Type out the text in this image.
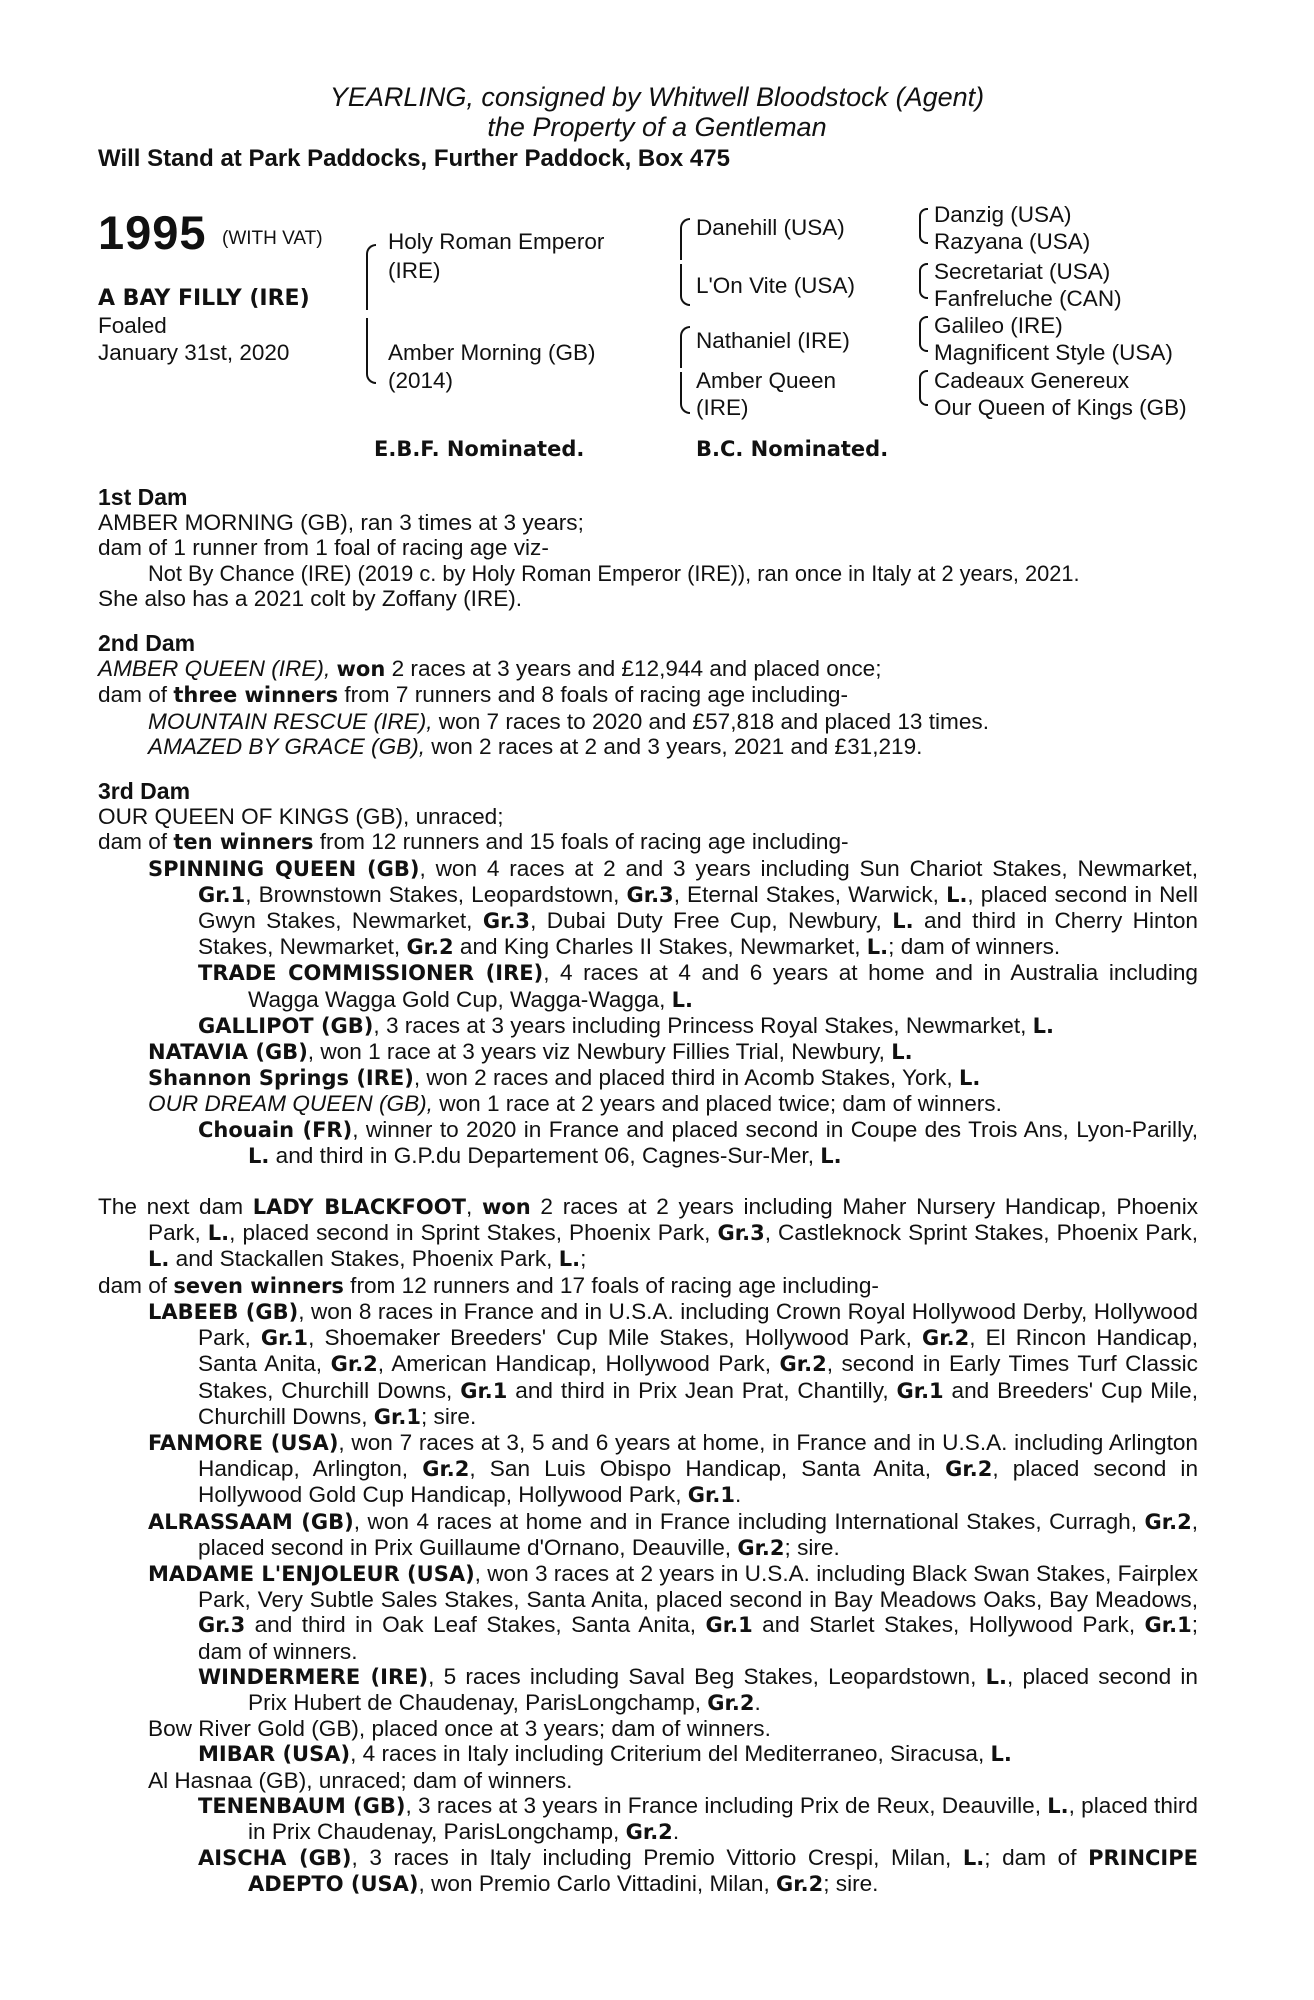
YEARLING, consigned by Whitwell Bloodstock (Agent)
the Property of a Gentleman
Will Stand at Park Paddocks, Further Paddock, Box 475
1995 (WITH VAT)
A BAY FILLY (IRE)
Foaled
January 31st, 2020
Holy Roman Emperor
(IRE)
Amber Morning (GB)
(2014)
Danehill (USA)
L'On Vite (USA)
Nathaniel (IRE)
Amber Queen
(IRE)
Danzig (USA)
Razyana (USA)
Secretariat (USA)
Fanfreluche (CAN)
Galileo (IRE)
Magnificent Style (USA)
Cadeaux Genereux
Our Queen of Kings (GB)
E.B.F. Nominated.	B.C. Nominated.
1st Dam

AMBER MORNING (GB), ran 3 times at 3 years;

dam of 1 runner from 1 foal of racing age viz-

Not By Chance (IRE) (2019 c. by Holy Roman Emperor (IRE)), ran once in Italy at 2 years, 2021.

She also has a 2021 colt by Zoffany (IRE).

2nd Dam

AMBER QUEEN (IRE), won 2 races at 3 years and £12,944 and placed once;

dam of three winners from 7 runners and 8 foals of racing age including-

MOUNTAIN RESCUE (IRE), won 7 races to 2020 and £57,818 and placed 13 times.

AMAZED BY GRACE (GB), won 2 races at 2 and 3 years, 2021 and £31,219.

3rd Dam

OUR QUEEN OF KINGS (GB), unraced;

dam of ten winners from 12 runners and 15 foals of racing age including-

SPINNING QUEEN (GB), won 4 races at 2 and 3 years including Sun Chariot Stakes, Newmarket, Gr.1, Brownstown Stakes, Leopardstown, Gr.3, Eternal Stakes, Warwick, L., placed second in Nell Gwyn Stakes, Newmarket, Gr.3, Dubai Duty Free Cup, Newbury, L. and third in Cherry Hinton Stakes, Newmarket, Gr.2 and King Charles II Stakes, Newmarket, L.; dam of winners.

TRADE COMMISSIONER (IRE), 4 races at 4 and 6 years at home and in Australia including Wagga Wagga Gold Cup, Wagga-Wagga, L.

GALLIPOT (GB), 3 races at 3 years including Princess Royal Stakes, Newmarket, L.

NATAVIA (GB), won 1 race at 3 years viz Newbury Fillies Trial, Newbury, L.

Shannon Springs (IRE), won 2 races and placed third in Acomb Stakes, York, L.

OUR DREAM QUEEN (GB), won 1 race at 2 years and placed twice; dam of winners.

Chouain (FR), winner to 2020 in France and placed second in Coupe des Trois Ans, Lyon-Parilly, L. and third in G.P.du Departement 06, Cagnes-Sur-Mer, L.

The next dam LADY BLACKFOOT, won 2 races at 2 years including Maher Nursery Handicap, Phoenix Park, L., placed second in Sprint Stakes, Phoenix Park, Gr.3, Castleknock Sprint Stakes, Phoenix Park, L. and Stackallen Stakes, Phoenix Park, L.;

dam of seven winners from 12 runners and 17 foals of racing age including-

LABEEB (GB), won 8 races in France and in U.S.A. including Crown Royal Hollywood Derby, Hollywood Park, Gr.1, Shoemaker Breeders' Cup Mile Stakes, Hollywood Park, Gr.2, El Rincon Handicap, Santa Anita, Gr.2, American Handicap, Hollywood Park, Gr.2, second in Early Times Turf Classic Stakes, Churchill Downs, Gr.1 and third in Prix Jean Prat, Chantilly, Gr.1 and Breeders' Cup Mile, Churchill Downs, Gr.1; sire.

FANMORE (USA), won 7 races at 3, 5 and 6 years at home, in France and in U.S.A. including Arlington Handicap, Arlington, Gr.2, San Luis Obispo Handicap, Santa Anita, Gr.2, placed second in Hollywood Gold Cup Handicap, Hollywood Park, Gr.1.

ALRASSAAM (GB), won 4 races at home and in France including International Stakes, Curragh, Gr.2, placed second in Prix Guillaume d'Ornano, Deauville, Gr.2; sire.

MADAME L'ENJOLEUR (USA), won 3 races at 2 years in U.S.A. including Black Swan Stakes, Fairplex Park, Very Subtle Sales Stakes, Santa Anita, placed second in Bay Meadows Oaks, Bay Meadows, Gr.3 and third in Oak Leaf Stakes, Santa Anita, Gr.1 and Starlet Stakes, Hollywood Park, Gr.1; dam of winners.

WINDERMERE (IRE), 5 races including Saval Beg Stakes, Leopardstown, L., placed second in Prix Hubert de Chaudenay, ParisLongchamp, Gr.2.

Bow River Gold (GB), placed once at 3 years; dam of winners.

MIBAR (USA), 4 races in Italy including Criterium del Mediterraneo, Siracusa, L.

Al Hasnaa (GB), unraced; dam of winners.

TENENBAUM (GB), 3 races at 3 years in France including Prix de Reux, Deauville, L., placed third in Prix Chaudenay, ParisLongchamp, Gr.2.

AISCHA (GB), 3 races in Italy including Premio Vittorio Crespi, Milan, L.; dam of PRINCIPE ADEPTO (USA), won Premio Carlo Vittadini, Milan, Gr.2; sire.
